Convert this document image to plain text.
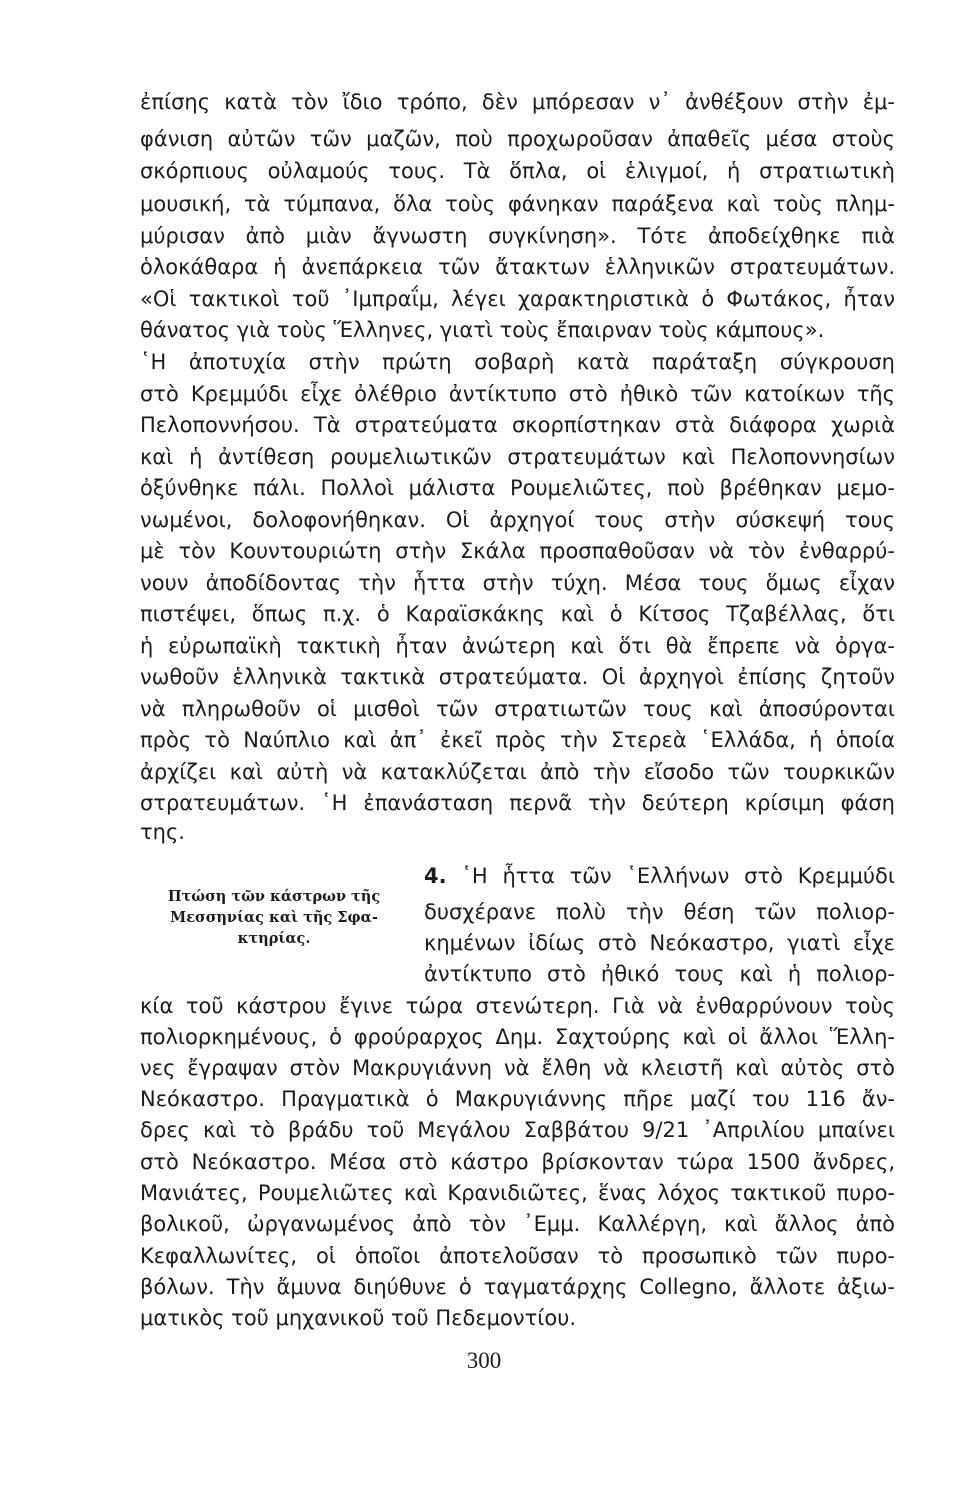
ἐπίσης κατὰ τὸν ἴδιο τρόπο, δὲν μπόρεσαν ν᾿ ἀνθέξουν στὴν ἐμ-
φάνιση αὐτῶν τῶν μαζῶν, ποὺ προχωροῦσαν ἀπαθεῖς μέσα στοὺς
σκόρπιους οὐλαμούς τους. Τὰ ὅπλα, οἱ ἑλιγμοί, ἡ στρατιωτικὴ
μουσική, τὰ τύμπανα, ὅλα τοὺς φάνηκαν παράξενα καὶ τοὺς πλημ-
μύρισαν ἀπὸ μιὰν ἄγνωστη συγκίνηση». Τότε ἀποδείχθηκε πιὰ
ὁλοκάθαρα ἡ ἀνεπάρκεια τῶν ἄτακτων ἑλληνικῶν στρατευμάτων.
«Οἱ τακτικοὶ τοῦ ᾿Ιμπραΐμ, λέγει χαρακτηριστικὰ ὁ Φωτάκος, ἦταν
θάνατος γιὰ τοὺς Ἕλληνες, γιατὶ τοὺς ἔπαιρναν τοὺς κάμπους».
῾Η ἀποτυχία στὴν πρώτη σοβαρὴ κατὰ παράταξη σύγκρουση
στὸ Κρεμμύδι εἶχε ὀλέθριο ἀντίκτυπο στὸ ἠθικὸ τῶν κατοίκων τῆς
Πελοποννήσου. Τὰ στρατεύματα σκορπίστηκαν στὰ διάφορα χωριὰ
καὶ ἡ ἀντίθεση ρουμελιωτικῶν στρατευμάτων καὶ Πελοποννησίων
ὀξύνθηκε πάλι. Πολλοὶ μάλιστα Ρουμελιῶτες, ποὺ βρέθηκαν μεμο-
νωμένοι, δολοφονήθηκαν. Οἱ ἀρχηγοί τους στὴν σύσκεψή τους
μὲ τὸν Κουντουριώτη στὴν Σκάλα προσπαθοῦσαν νὰ τὸν ἐνθαρρύ-
νουν ἀποδίδοντας τὴν ἧττα στὴν τύχη. Μέσα τους ὅμως εἶχαν
πιστέψει, ὅπως π.χ. ὁ Καραϊσκάκης καὶ ὁ Κίτσος Τζαβέλλας, ὅτι
ἡ εὐρωπαϊκὴ τακτικὴ ἦταν ἀνώτερη καὶ ὅτι θὰ ἔπρεπε νὰ ὀργα-
νωθοῦν ἑλληνικὰ τακτικὰ στρατεύματα. Οἱ ἀρχηγοὶ ἐπίσης ζητοῦν
νὰ πληρωθοῦν οἱ μισθοὶ τῶν στρατιωτῶν τους καὶ ἀποσύρονται
πρὸς τὸ Ναύπλιο καὶ ἀπ᾿ ἐκεῖ πρὸς τὴν Στερεὰ ῾Ελλάδα, ἡ ὁποία
ἀρχίζει καὶ αὐτὴ νὰ κατακλύζεται ἀπὸ τὴν εἴσοδο τῶν τουρκικῶν
στρατευμάτων. ῾Η ἐπανάσταση περνᾶ τὴν δεύτερη κρίσιμη φάση
της.
4. ῾Η ἧττα τῶν ῾Ελλήνων στὸ Κρεμμύδι
δυσχέρανε πολὺ τὴν θέση τῶν πολιορ-
κημένων ἰδίως στὸ Νεόκαστρο, γιατὶ εἶχε
ἀντίκτυπο στὸ ἠθικό τους καὶ ἡ πολιορ-
Πτώση τῶν κάστρων τῆς
Μεσσηνίας καὶ τῆς Σφα-
κτηρίας.
κία τοῦ κάστρου ἔγινε τώρα στενώτερη. Γιὰ νὰ ἐνθαρρύνουν τοὺς
πολιορκημένους, ὁ φρούραρχος Δημ. Σαχτούρης καὶ οἱ ἄλλοι Ἕλλη-
νες ἔγραψαν στὸν Μακρυγιάννη νὰ ἔλθη νὰ κλειστῆ καὶ αὐτὸς στὸ
Νεόκαστρο. Πραγματικὰ ὁ Μακρυγιάννης πῆρε μαζί του 116 ἄν-
δρες καὶ τὸ βράδυ τοῦ Μεγάλου Σαββάτου 9/21 ᾿Απριλίου μπαίνει
στὸ Νεόκαστρο. Μέσα στὸ κάστρο βρίσκονταν τώρα 1500 ἄνδρες,
Μανιάτες, Ρουμελιῶτες καὶ Κρανιδιῶτες, ἕνας λόχος τακτικοῦ πυρο-
βολικοῦ, ὠργανωμένος ἀπὸ τὸν ᾿Εμμ. Καλλέργη, καὶ ἄλλος ἀπὸ
Κεφαλλωνίτες, οἱ ὁποῖοι ἀποτελοῦσαν τὸ προσωπικὸ τῶν πυρο-
βόλων. Τὴν ἄμυνα διηύθυνε ὁ ταγματάρχης Collegno, ἄλλοτε ἀξιω-
ματικὸς τοῦ μηχανικοῦ τοῦ Πεδεμοντίου.
300
